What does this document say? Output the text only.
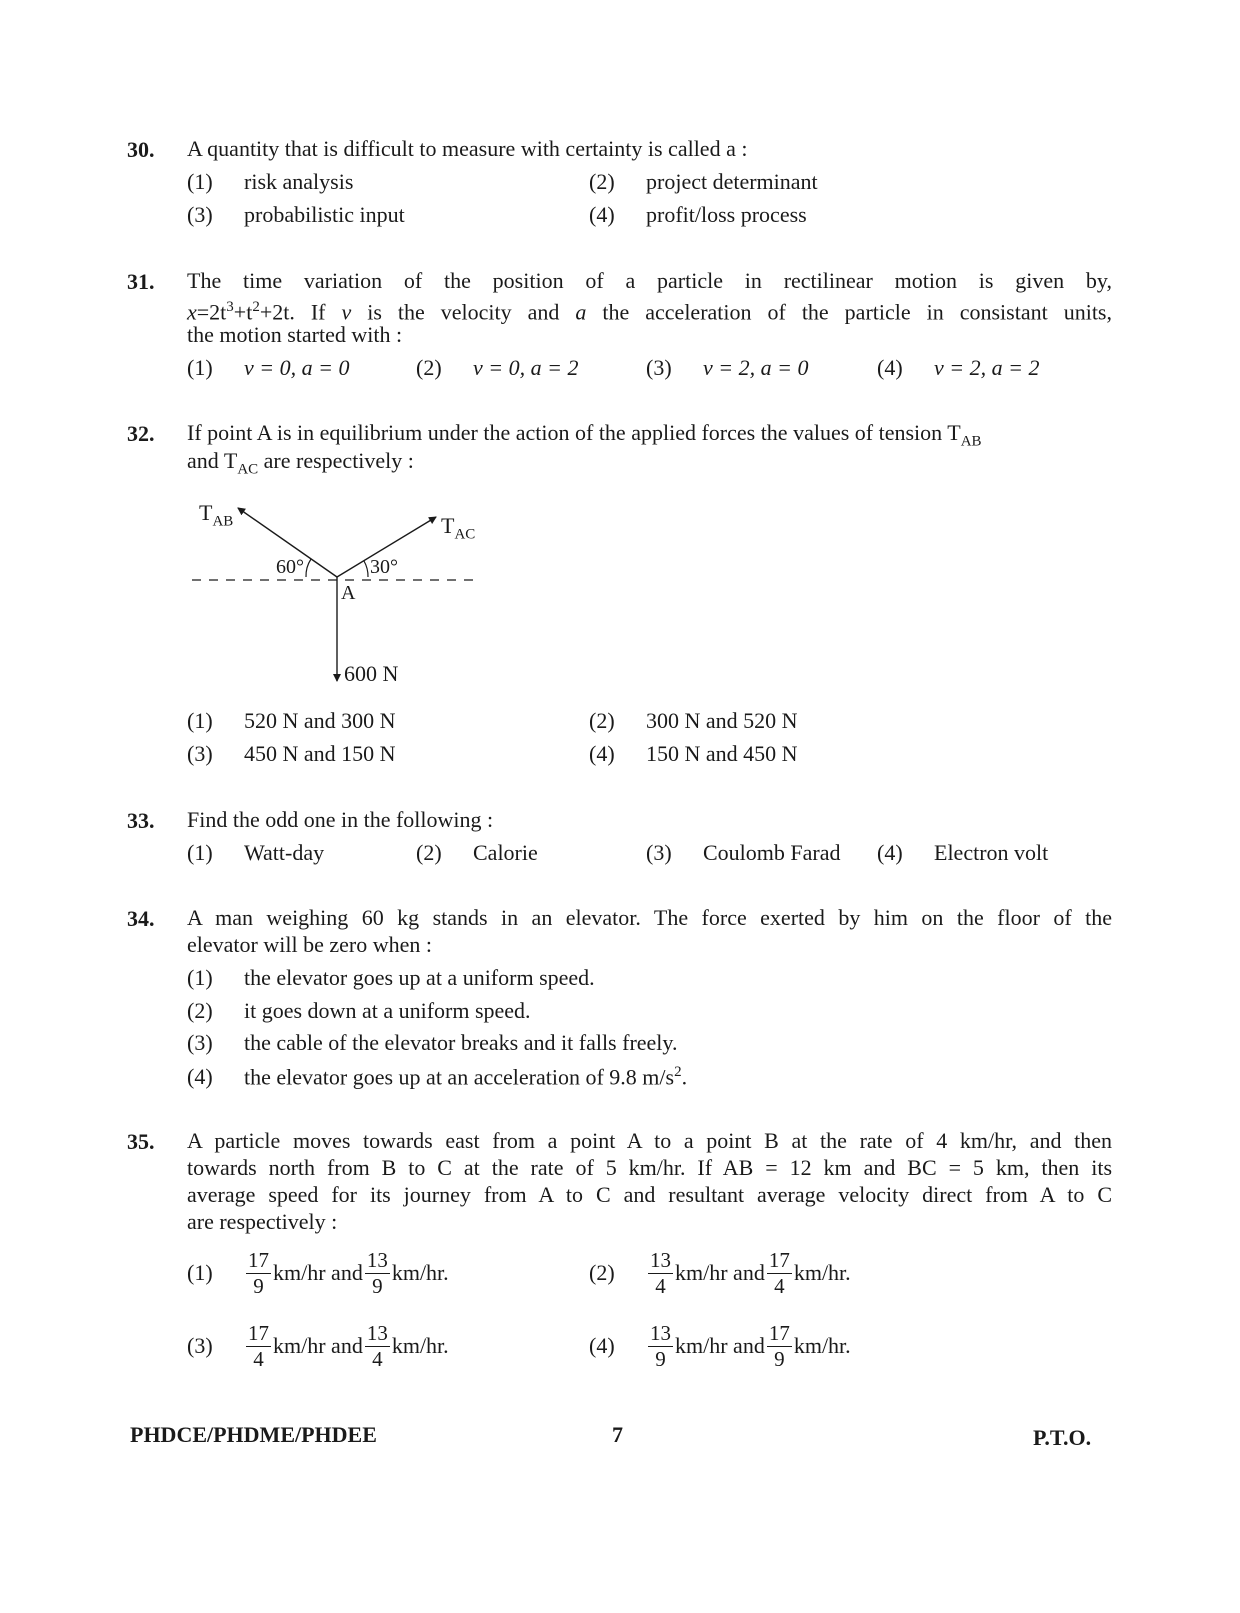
30. A quantity that is difficult to measure with certainty is called a :
(1) risk analysis	(2) project determinant
(3) probabilistic input	(4) profit/loss process
31. The time variation of the position of a particle in rectilinear motion is given by,
$x=2t^3+t^2+2t$. If v is the velocity and a the acceleration of the particle in consistant units,
the motion started with :
(1) v = 0, a = 0	(2) v = 0, a = 2	(3) v = 2, a = 0	(4) v = 2, a = 2
32. If point A is in equilibrium under the action of the applied forces the values of tension $T_{AB}$
and $T_{AC}$ are respectively :
$T_{AB}$	$T_{AC}$
60°	30°
A
600 N
(1) 520 N and 300 N	(2) 300 N and 520 N
(3) 450 N and 150 N	(4) 150 N and 450 N
33. Find the odd one in the following :
(1) Watt-day	(2) Calorie	(3) Coulomb Farad (4) Electron volt
34. A man weighing 60 kg stands in an elevator. The force exerted by him on the floor of the
elevator will be zero when :
(1) the elevator goes up at a uniform speed.
(2) it goes down at a uniform speed.
(3) the cable of the elevator breaks and it falls freely.
(4) the elevator goes up at an acceleration of 9.8 $m/s^2$.
35. A particle moves towards east from a point A to a point B at the rate of 4 km/hr, and then
towards north from B to C at the rate of 5 km/hr. If AB = 12 km and BC = 5 km, then its
average speed for its journey from A to C and resultant average velocity direct from A to C
are respectively :
(1)	$\frac{17}{9} km/hr$ and $\frac{13}{9} km/hr$.	(2)	$\frac{13}{4} km/hr$ and $\frac{17}{4} km/hr$.
(3)	$\frac{17}{4} km/hr$ and $\frac{13}{4} km/hr$.	(4)	$\frac{13}{9} km/hr$ and $\frac{17}{9} km/hr$.
PHDCE/PHDME/PHDEE	7	P.T.O.
